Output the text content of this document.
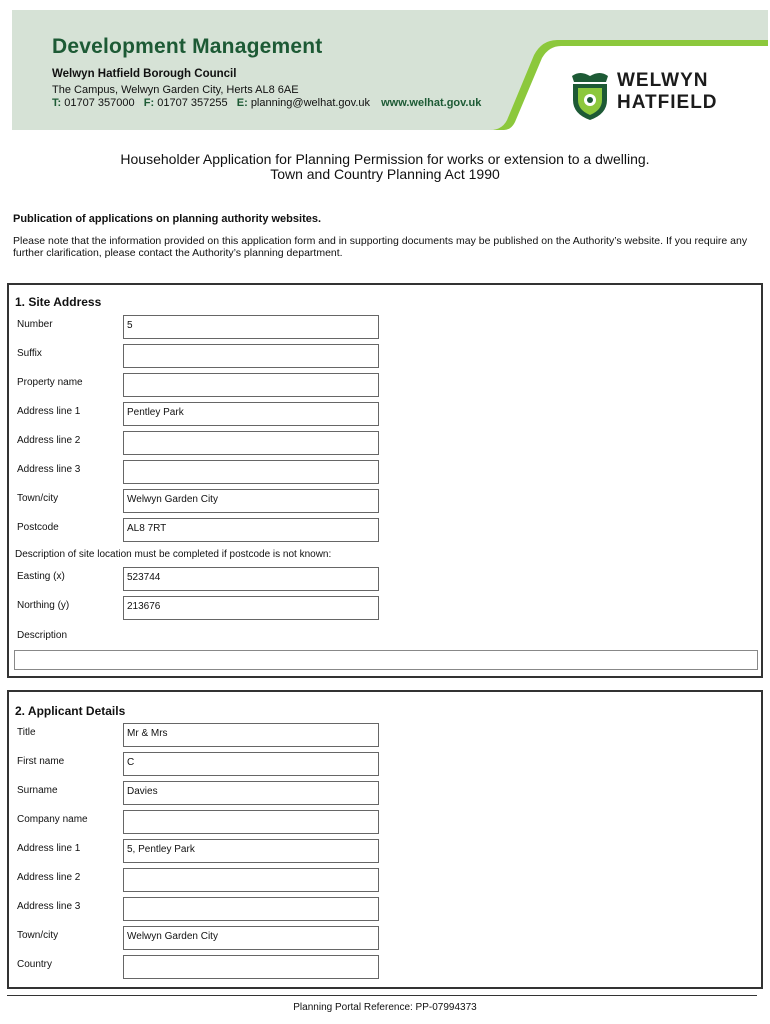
Development Management
Welwyn Hatfield Borough Council
The Campus, Welwyn Garden City, Herts AL8 6AE
T: 01707 357000 F: 01707 357255 E: planning@welhat.gov.uk www.welhat.gov.uk
WELWYN
HATFIELD
Householder Application for Planning Permission for works or extension to a dwelling.
Town and Country Planning Act 1990
Publication of applications on planning authority websites.
Please note that the information provided on this application form and in supporting documents may be published on the Authority’s website. If you require any further clarification, please contact the Authority’s planning department.
1. Site Address
Number	5
Suffix
Property name
Address line 1	Pentley Park
Address line 2
Address line 3
Town/city	Welwyn Garden City
Postcode	AL8 7RT
Description of site location must be completed if postcode is not known:
Easting (x)	523744
Northing (y)	213676
Description
2. Applicant Details
Title	Mr & Mrs
First name	C
Surname	Davies
Company name
Address line 1	5, Pentley Park
Address line 2
Address line 3
Town/city	Welwyn Garden City
Country
Planning Portal Reference: PP-07994373
